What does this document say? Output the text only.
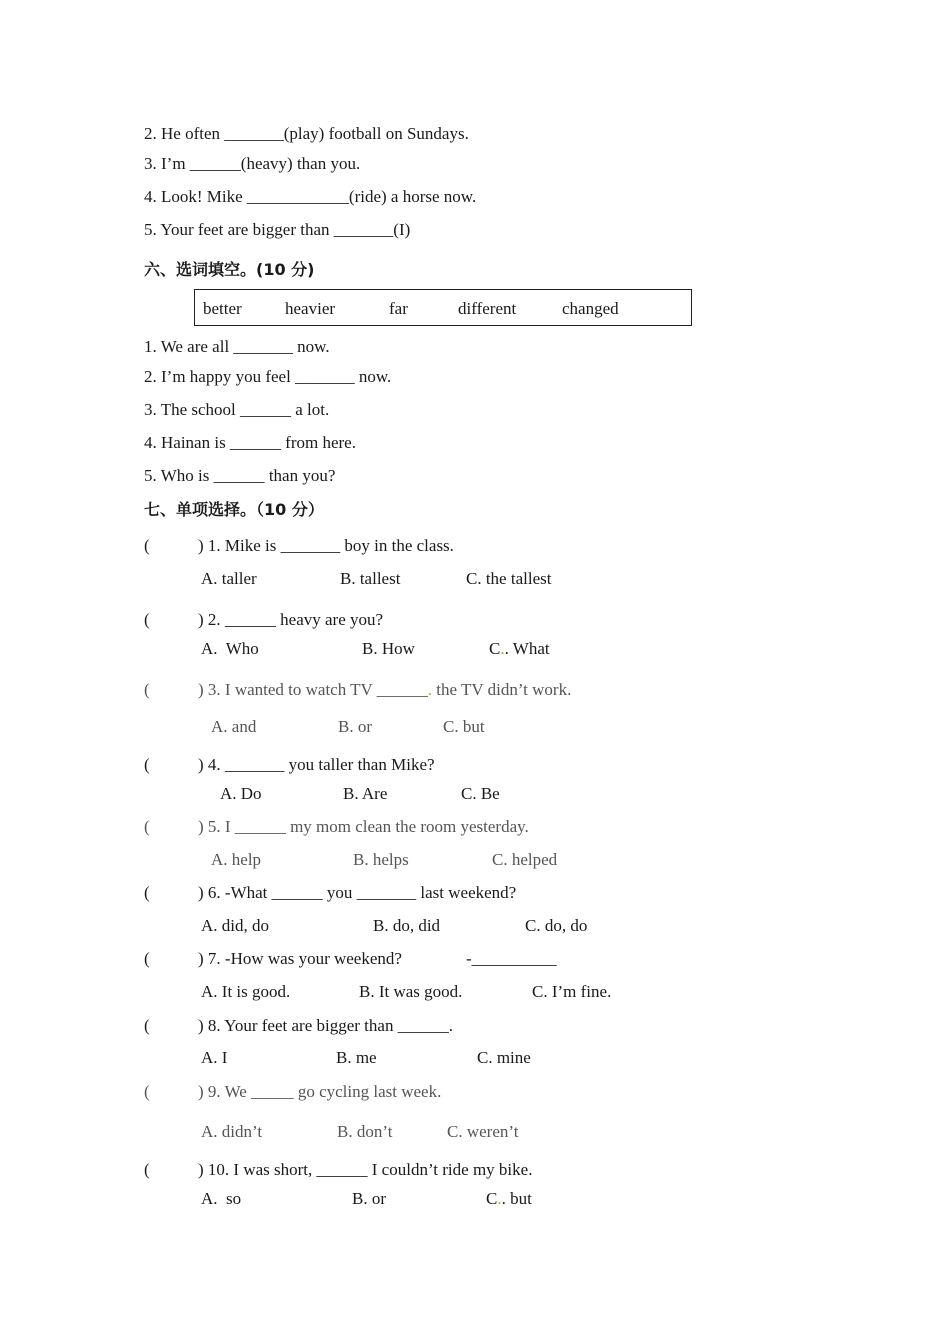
2. He often _______(play) football on Sundays.
3. I’m ______(heavy) than you.
4. Look! Mike ____________(ride) a horse now.
5. Your feet are bigger than _______(I)
六、选词填空。(10 分)
better	heavier	far	different	changed
1. We are all _______ now.
2. I’m happy you feel _______ now.
3. The school ______ a lot.
4. Hainan is ______ from here.
5. Who is ______ than you?
七、单项选择。（10 分）
(	) 1. Mike is _______ boy in the class.
A. taller	B. tallest	C. the tallest
(	) 2. ______ heavy are you?
A.  Who	B. How	C.. What
(	) 3. I wanted to watch TV ______. the TV didn’t work.
A. and	B. or	C. but
(	) 4. _______ you taller than Mike?
A. Do	B. Are	C. Be
(	) 5. I ______ my mom clean the room yesterday.
A. help	B. helps	C. helped
(	) 6. -What ______ you _______ last weekend?
A. did, do	B. do, did	C. do, do
(	) 7. -How was your weekend?	-__________
A. It is good.	B. It was good.	C. I’m fine.
(	) 8. Your feet are bigger than ______.
A. I	B. me	C. mine
(	) 9. We _____ go cycling last week.
A. didn’t	B. don’t	C. weren’t
(	) 10. I was short, ______ I couldn’t ride my bike.
A.  so	B. or	C.. but
